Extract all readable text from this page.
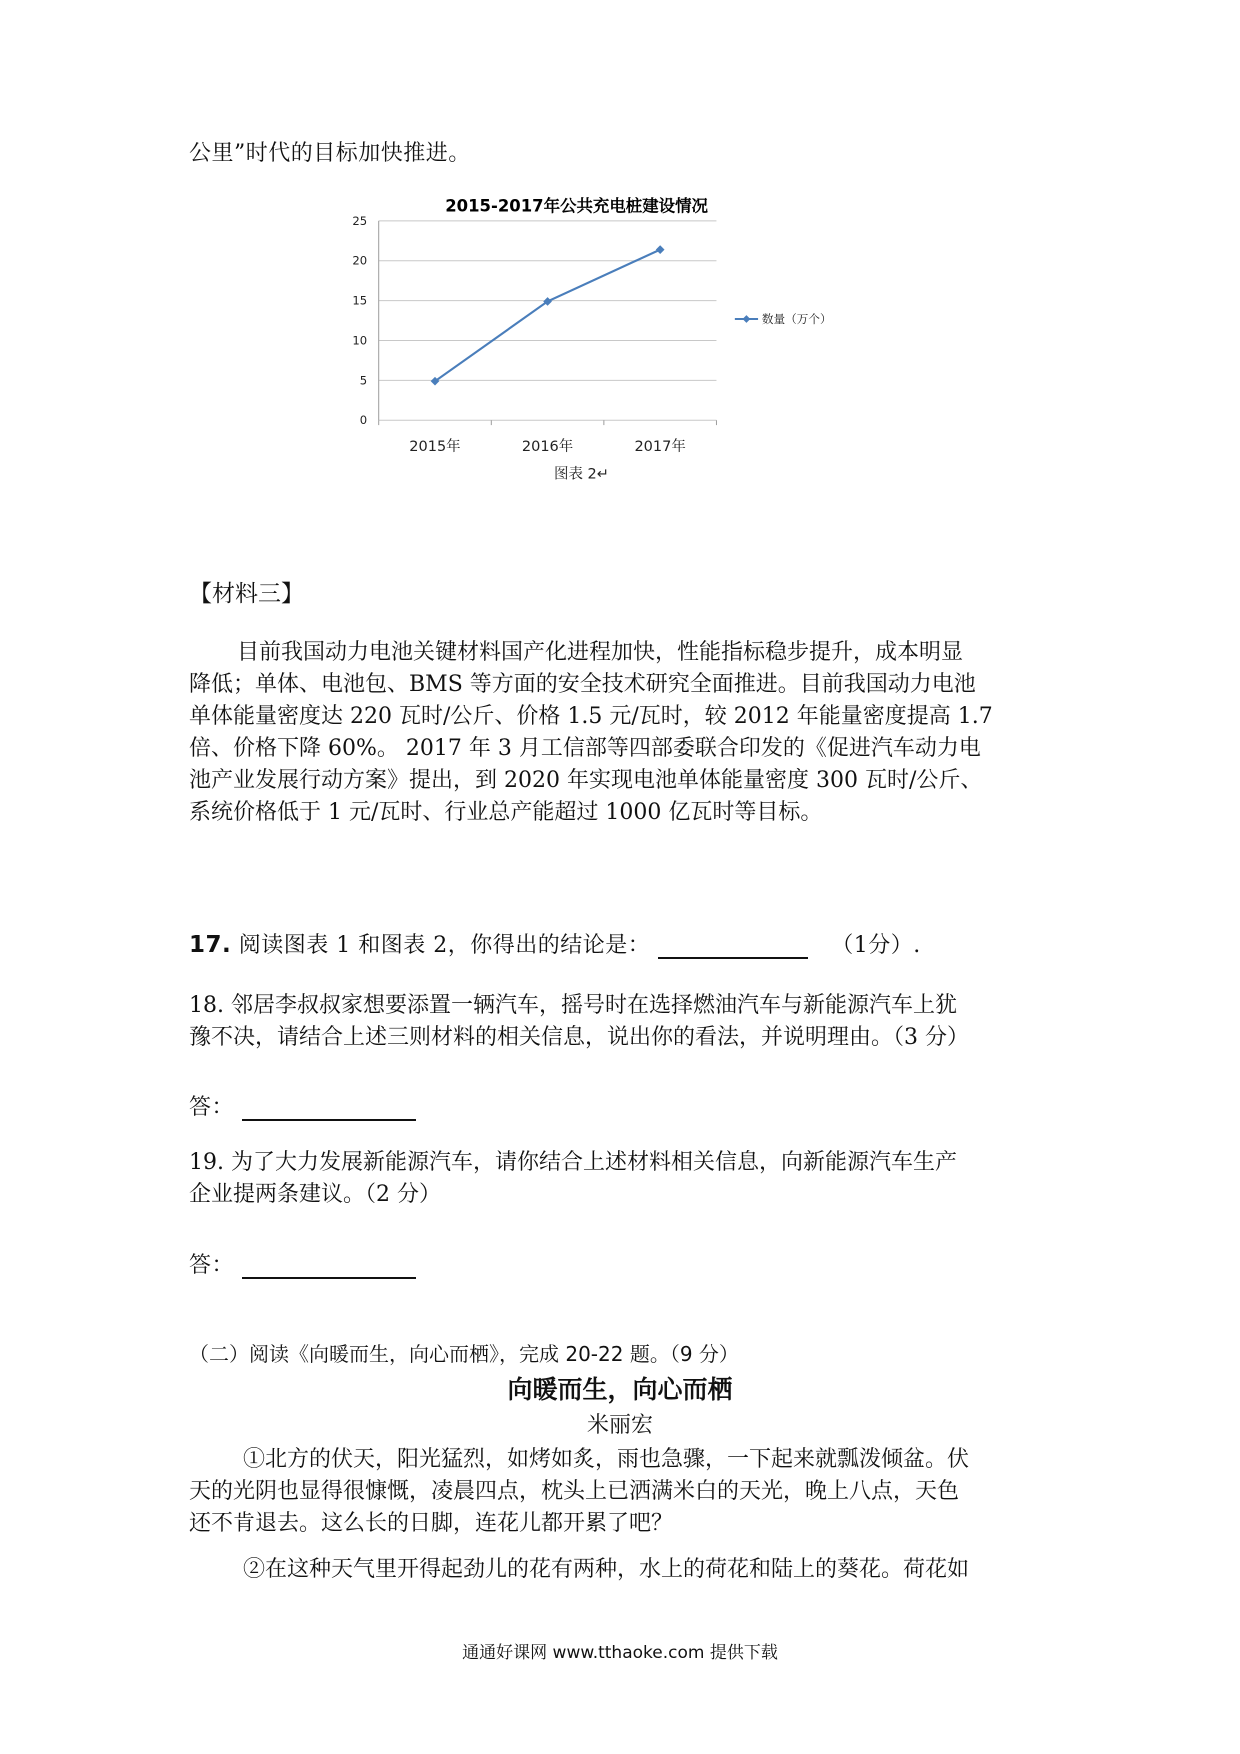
公里”时代的目标加快推进。
2015-2017年公共充电桩建设情况
0
5
10
15
20
25
2015年	2016年	2017年
数量（万个）
图表 2↵
【材料三】

目前我国动力电池关键材料国产化进程加快，性能指标稳步提升，成本明显

降低；单体、电池包、BMS 等方面的安全技术研究全面推进。目前我国动力电池

单体能量密度达 220 瓦时/公斤、价格 1.5 元/瓦时，较 2012 年能量密度提高 1.7

倍、价格下降 60%。 2017 年 3 月工信部等四部委联合印发的《促进汽车动力电

池产业发展行动方案》提出，到 2020 年实现电池单体能量密度 300 瓦时/公斤、

系统价格低于 1 元/瓦时、行业总产能超过 1000 亿瓦时等目标。

17. 阅读图表 1 和图表 2，你得出的结论是：	（1分）.

18. 邻居李叔叔家想要添置一辆汽车，摇号时在选择燃油汽车与新能源汽车上犹

豫不决，请结合上述三则材料的相关信息，说出你的看法，并说明理由。（3 分）

答：

19. 为了大力发展新能源汽车，请你结合上述材料相关信息，向新能源汽车生产

企业提两条建议。（2 分）

答：
（二）阅读《向暖而生，向心而栖》，完成 20-22 题。（9 分）
向暖而生，向心而栖
米丽宏

①北方的伏天，阳光猛烈，如烤如炙，雨也急骤，一下起来就瓢泼倾盆。伏

天的光阴也显得很慷慨，凌晨四点，枕头上已洒满米白的天光，晚上八点，天色

还不肯退去。这么长的日脚，连花儿都开累了吧？

②在这种天气里开得起劲儿的花有两种，水上的荷花和陆上的葵花。荷花如

通通好课网 www.tthaoke.com 提供下载
